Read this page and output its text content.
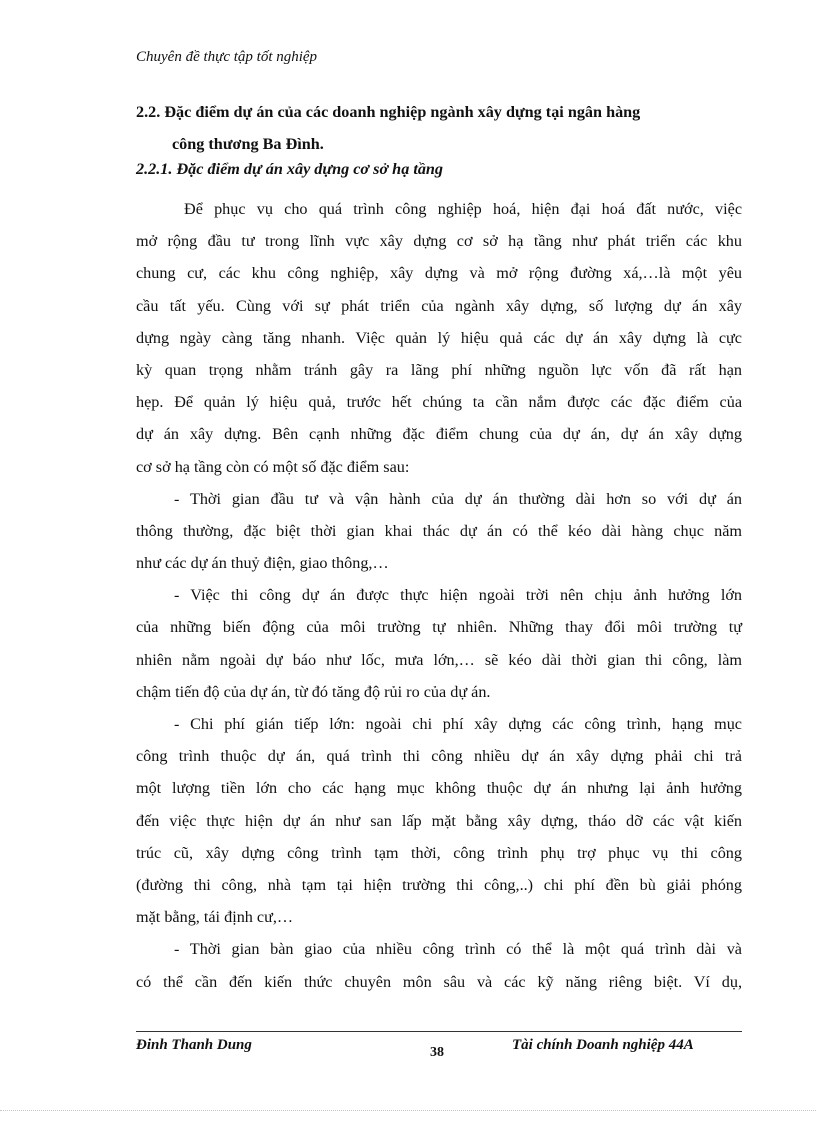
Chuyên đề thực tập tốt nghiệp
2.2. Đặc điểm dự án của các doanh nghiệp ngành xây dựng tại ngân hàng
công thương Ba Đình.
2.2.1. Đặc điểm dự án xây dựng cơ sở hạ tầng
Để phục vụ cho quá trình công nghiệp hoá, hiện đại hoá đất nước, việc
mở rộng đầu tư trong lĩnh vực xây dựng cơ sở hạ tầng như phát triển các khu
chung cư, các khu công nghiệp, xây dựng và mở rộng đường xá,…là một yêu
cầu tất yếu. Cùng với sự phát triển của ngành xây dựng, số lượng dự án xây
dựng ngày càng tăng nhanh. Việc quản lý hiệu quả các dự án xây dựng là cực
kỳ quan trọng nhằm tránh gây ra lãng phí những nguồn lực vốn đã rất hạn
hẹp. Để quản lý hiệu quả, trước hết chúng ta cần nắm được các đặc điểm của
dự án xây dựng. Bên cạnh những đặc điểm chung của dự án, dự án xây dựng
cơ sở hạ tầng còn có một số đặc điểm sau:
- Thời gian đầu tư và vận hành của dự án thường dài hơn so với dự án
thông thường, đặc biệt thời gian khai thác dự án có thể kéo dài hàng chục năm
như các dự án thuỷ điện, giao thông,…
- Việc thi công dự án được thực hiện ngoài trời nên chịu ảnh hưởng lớn
của những biến động của môi trường tự nhiên. Những thay đổi môi trường tự
nhiên nằm ngoài dự báo như lốc, mưa lớn,… sẽ kéo dài thời gian thi công, làm
chậm tiến độ của dự án, từ đó tăng độ rủi ro của dự án.
- Chi phí gián tiếp lớn: ngoài chi phí xây dựng các công trình, hạng mục
công trình thuộc dự án, quá trình thi công nhiều dự án xây dựng phải chi trả
một lượng tiền lớn cho các hạng mục không thuộc dự án nhưng lại ảnh hưởng
đến việc thực hiện dự án như san lấp mặt bằng xây dựng, tháo dỡ các vật kiến
trúc cũ, xây dựng công trình tạm thời, công trình phụ trợ phục vụ thi công
(đường thi công, nhà tạm tại hiện trường thi công,..) chi phí đền bù giải phóng
mặt bằng, tái định cư,…
- Thời gian bàn giao của nhiều công trình có thể là một quá trình dài và
có thể cần đến kiến thức chuyên môn sâu và các kỹ năng riêng biệt. Ví dụ,
Đinh Thanh Dung	38	Tài chính Doanh nghiệp 44A
